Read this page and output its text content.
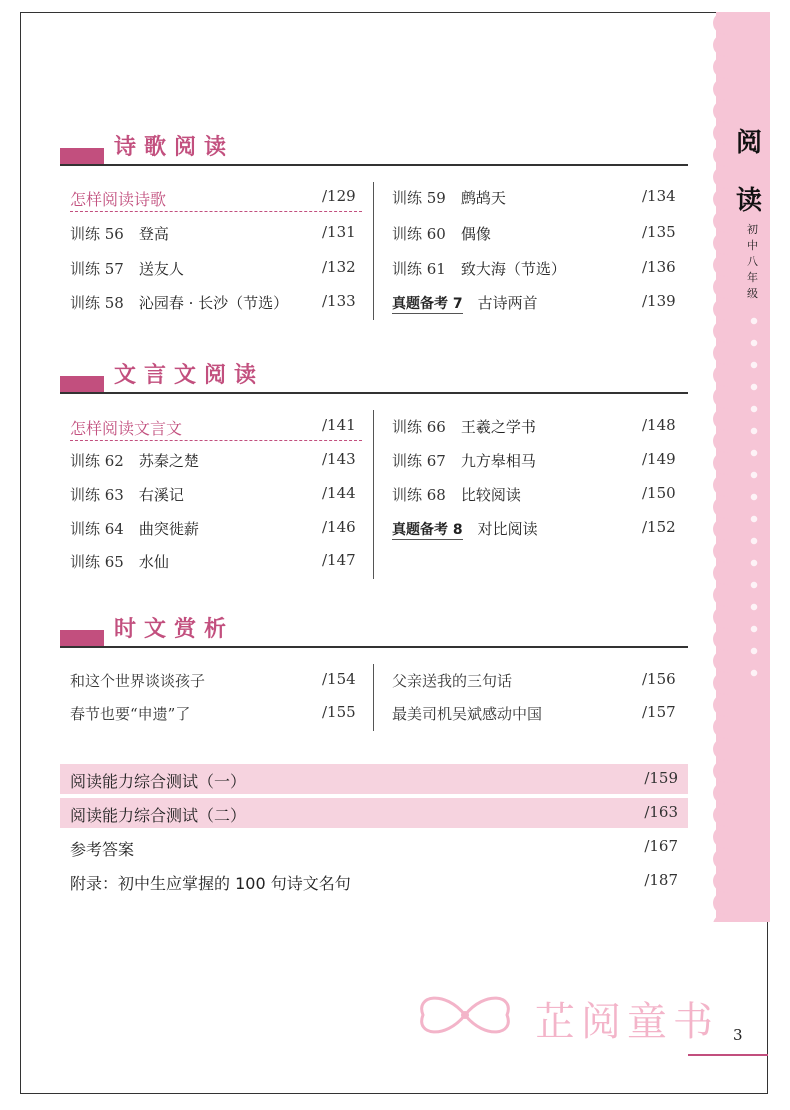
阅
读
初
中
八
年
级
诗歌阅读
怎样阅读诗歌	/129
训练 56  登高	/131
训练 57  送友人	/132
训练 58  沁园春 · 长沙（节选） /133
训练 59  鹧鸪天	/134
训练 60  偶像	/135
训练 61  致大海（节选）	/136
真题备考 7  古诗两首	/139
文言文阅读
怎样阅读文言文	/141
训练 62  苏秦之楚	/143
训练 63  右溪记	/144
训练 64  曲突徙薪	/146
训练 65  水仙	/147
训练 66  王羲之学书	/148
训练 67  九方皋相马	/149
训练 68  比较阅读	/150
真题备考 8  对比阅读	/152
时文赏析
和这个世界谈谈孩子	/154
春节也要“申遗”了	/155
父亲送我的三句话	/156
最美司机吴斌感动中国	/157
阅读能力综合测试（一）	/159
阅读能力综合测试（二）	/163
参考答案	/167
附录：初中生应掌握的 100 句诗文名句	/187
芷阅童书 3
